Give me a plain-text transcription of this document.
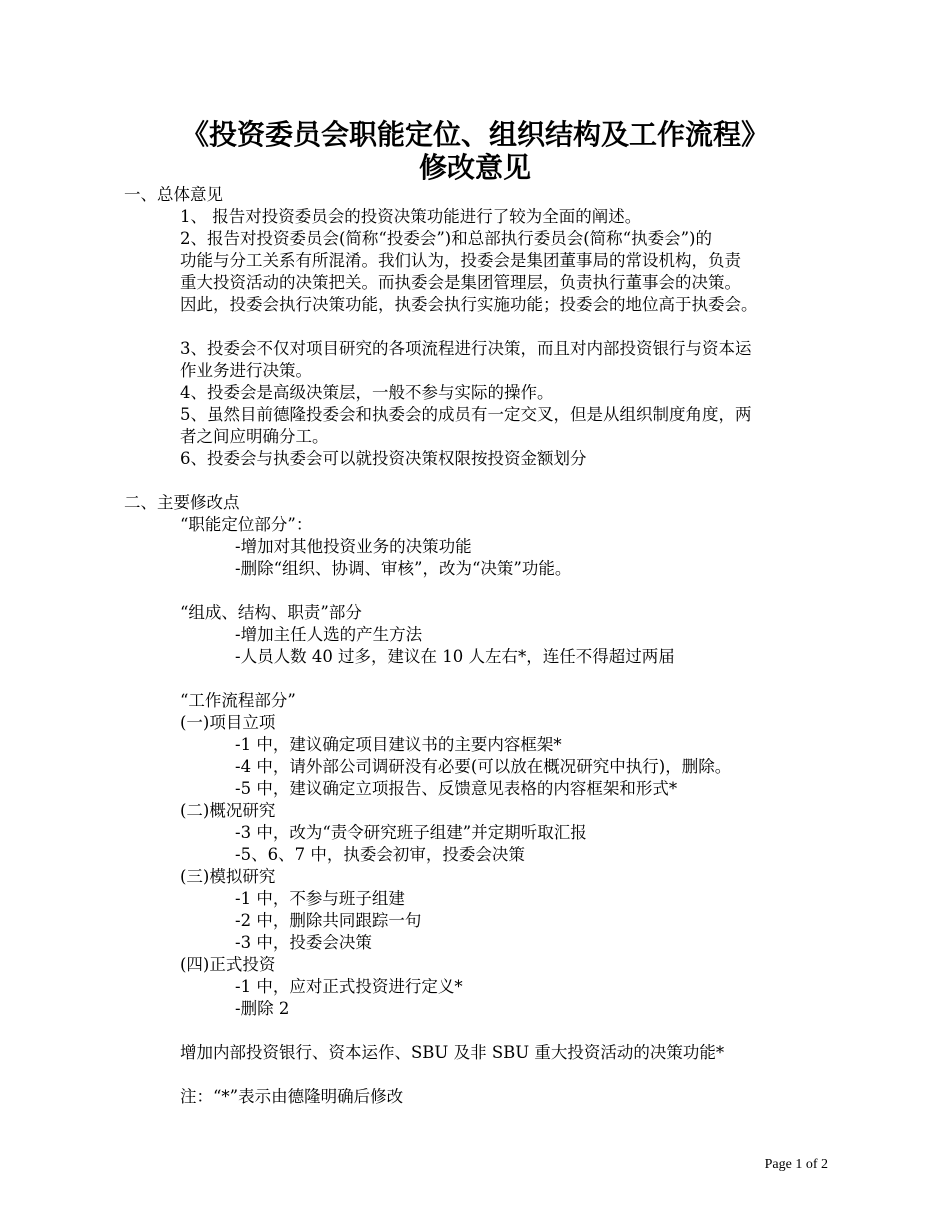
《投资委员会职能定位、组织结构及工作流程》
修改意见
一、总体意见
1、 报告对投资委员会的投资决策功能进行了较为全面的阐述。
2、报告对投资委员会(简称“投委会”)和总部执行委员会(简称“执委会”)的
功能与分工关系有所混淆。我们认为，投委会是集团董事局的常设机构，负责
重大投资活动的决策把关。而执委会是集团管理层，负责执行董事会的决策。
因此，投委会执行决策功能，执委会执行实施功能；投委会的地位高于执委会。
3、投委会不仅对项目研究的各项流程进行决策，而且对内部投资银行与资本运
作业务进行决策。
4、投委会是高级决策层，一般不参与实际的操作。
5、虽然目前德隆投委会和执委会的成员有一定交叉，但是从组织制度角度，两
者之间应明确分工。
6、投委会与执委会可以就投资决策权限按投资金额划分
二、主要修改点
“职能定位部分”：
-增加对其他投资业务的决策功能
-删除“组织、协调、审核”，改为“决策”功能。
“组成、结构、职责”部分
-增加主任人选的产生方法
-人员人数 40 过多，建议在 10 人左右*，连任不得超过两届
“工作流程部分”
(一)项目立项
-1 中，建议确定项目建议书的主要内容框架*
-4 中，请外部公司调研没有必要(可以放在概况研究中执行)，删除。
-5 中，建议确定立项报告、反馈意见表格的内容框架和形式*
(二)概况研究
-3 中，改为“责令研究班子组建”并定期听取汇报
-5、6、7 中，执委会初审，投委会决策
(三)模拟研究
-1 中，不参与班子组建
-2 中，删除共同跟踪一句
-3 中，投委会决策
(四)正式投资
-1 中，应对正式投资进行定义*
-删除 2
增加内部投资银行、资本运作、SBU 及非 SBU 重大投资活动的决策功能*
注：“*”表示由德隆明确后修改
Page 1 of 2
